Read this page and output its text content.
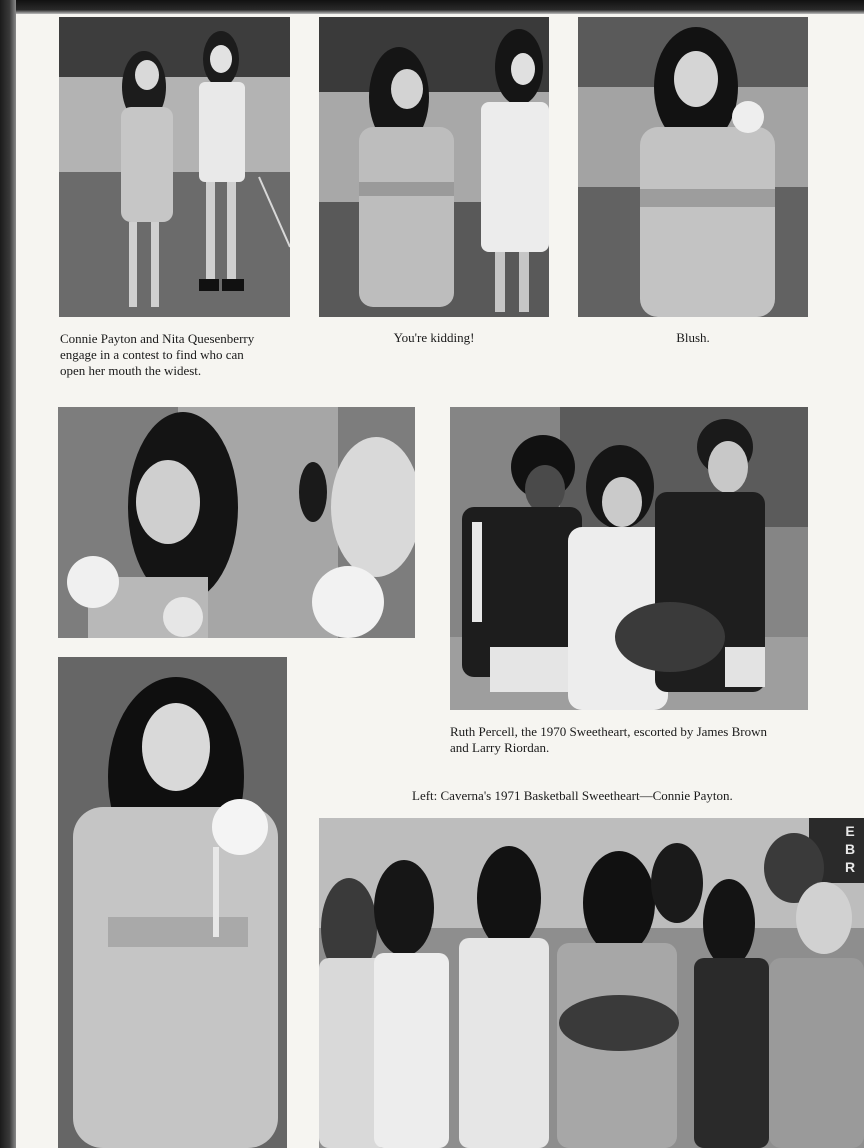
Connie Payton and Nita Quesenberry
engage in a contest to find who can
open her mouth the widest.
You're kidding!	Blush.
Ruth Percell, the 1970 Sweetheart, escorted by James Brown
and Larry Riordan.
Left: Caverna's 1971 Basketball Sweetheart—Connie Payton.
EBR
